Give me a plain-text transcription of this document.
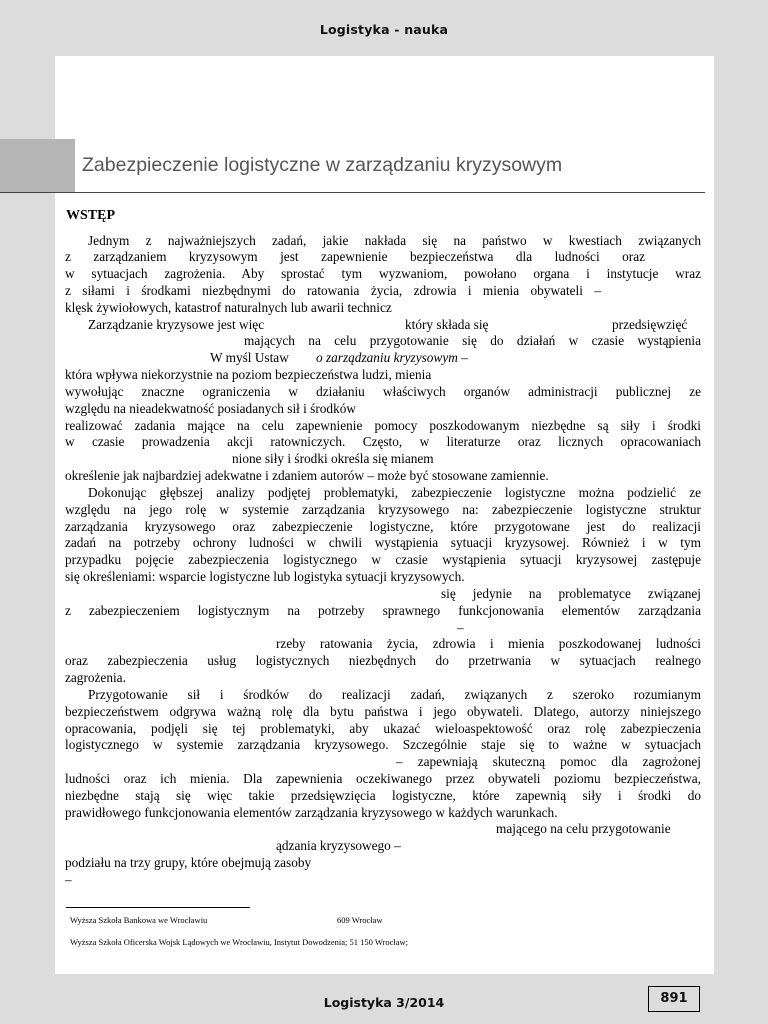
Logistyka - nauka
Zabezpieczenie logistyczne w zarządzaniu kryzysowym
WSTĘP
Jednym z najważniejszych zadań, jakie nakłada się na państwo w kwestiach związanych
z zarządzaniem kryzysowym jest zapewnienie bezpieczeństwa dla ludności oraz
w sytuacjach zagrożenia. Aby sprostać tym wyzwaniom, powołano organa i instytucje wraz
z siłami i środkami niezbędnymi do ratowania życia, zdrowia i mienia obywateli –
klęsk żywiołowych, katastrof naturalnych lub awarii technicz
Zarządzanie kryzysowe jest więc	który składa się	przedsięwzięć
mających na celu przygotowanie się do działań w czasie wystąpienia
W myśl Ustaw o zarządzaniu kryzysowym –
która wpływa niekorzystnie na poziom bezpieczeństwa ludzi, mienia
wywołując znaczne ograniczenia w działaniu właściwych organów administracji publicznej ze
względu na nieadekwatność posiadanych sił i środków
realizować zadania mające na celu zapewnienie pomocy poszkodowanym niezbędne są siły i środki
w czasie prowadzenia akcji ratowniczych. Często, w literaturze oraz licznych opracowaniach
nione siły i środki określa się mianem
określenie jak najbardziej adekwatne i zdaniem autorów – może być stosowane zamiennie.
Dokonując głębszej analizy podjętej problematyki, zabezpieczenie logistyczne można podzielić ze
względu na jego rolę w systemie zarządzania kryzysowego na: zabezpieczenie logistyczne struktur
zarządzania kryzysowego oraz zabezpieczenie logistyczne, które przygotowane jest do realizacji
zadań na potrzeby ochrony ludności w chwili wystąpienia sytuacji kryzysowej. Również i w tym
przypadku pojęcie zabezpieczenia logistycznego w czasie wystąpienia sytuacji kryzysowej zastępuje
się określeniami: wsparcie logistyczne lub logistyka sytuacji kryzysowych.
się jedynie na problematyce związanej
z zabezpieczeniem logistycznym na potrzeby sprawnego funkcjonowania elementów zarządzania
–
rzeby ratowania życia, zdrowia i mienia poszkodowanej ludności
oraz zabezpieczenia usług logistycznych niezbędnych do przetrwania w sytuacjach realnego
zagrożenia.
Przygotowanie sił i środków do realizacji zadań, związanych z szeroko rozumianym
bezpieczeństwem odgrywa ważną rolę dla bytu państwa i jego obywateli. Dlatego, autorzy niniejszego
opracowania, podjęli się tej problematyki, aby ukazać wieloaspektowość oraz rolę zabezpieczenia
logistycznego w systemie zarządzania kryzysowego. Szczególnie staje się to ważne w sytuacjach
– zapewniają skuteczną pomoc dla zagrożonej
ludności oraz ich mienia. Dla zapewnienia oczekiwanego przez obywateli poziomu bezpieczeństwa,
niezbędne stają się więc takie przedsięwzięcia logistyczne, które zapewnią siły i środki do
prawidłowego funkcjonowania elementów zarządzania kryzysowego w każdych warunkach.
mającego na celu przygotowanie
ądzania kryzysowego –
podziału na trzy grupy, które obejmują zasoby
–
Wyższa Szkoła Bankowa we Wrocławiu	609 Wrocław
Wyższa Szkoła Oficerska Wojsk Lądowych we Wrocławiu, Instytut Dowodzenia; 51 150 Wrocław;
Logistyka 3/2014	891
